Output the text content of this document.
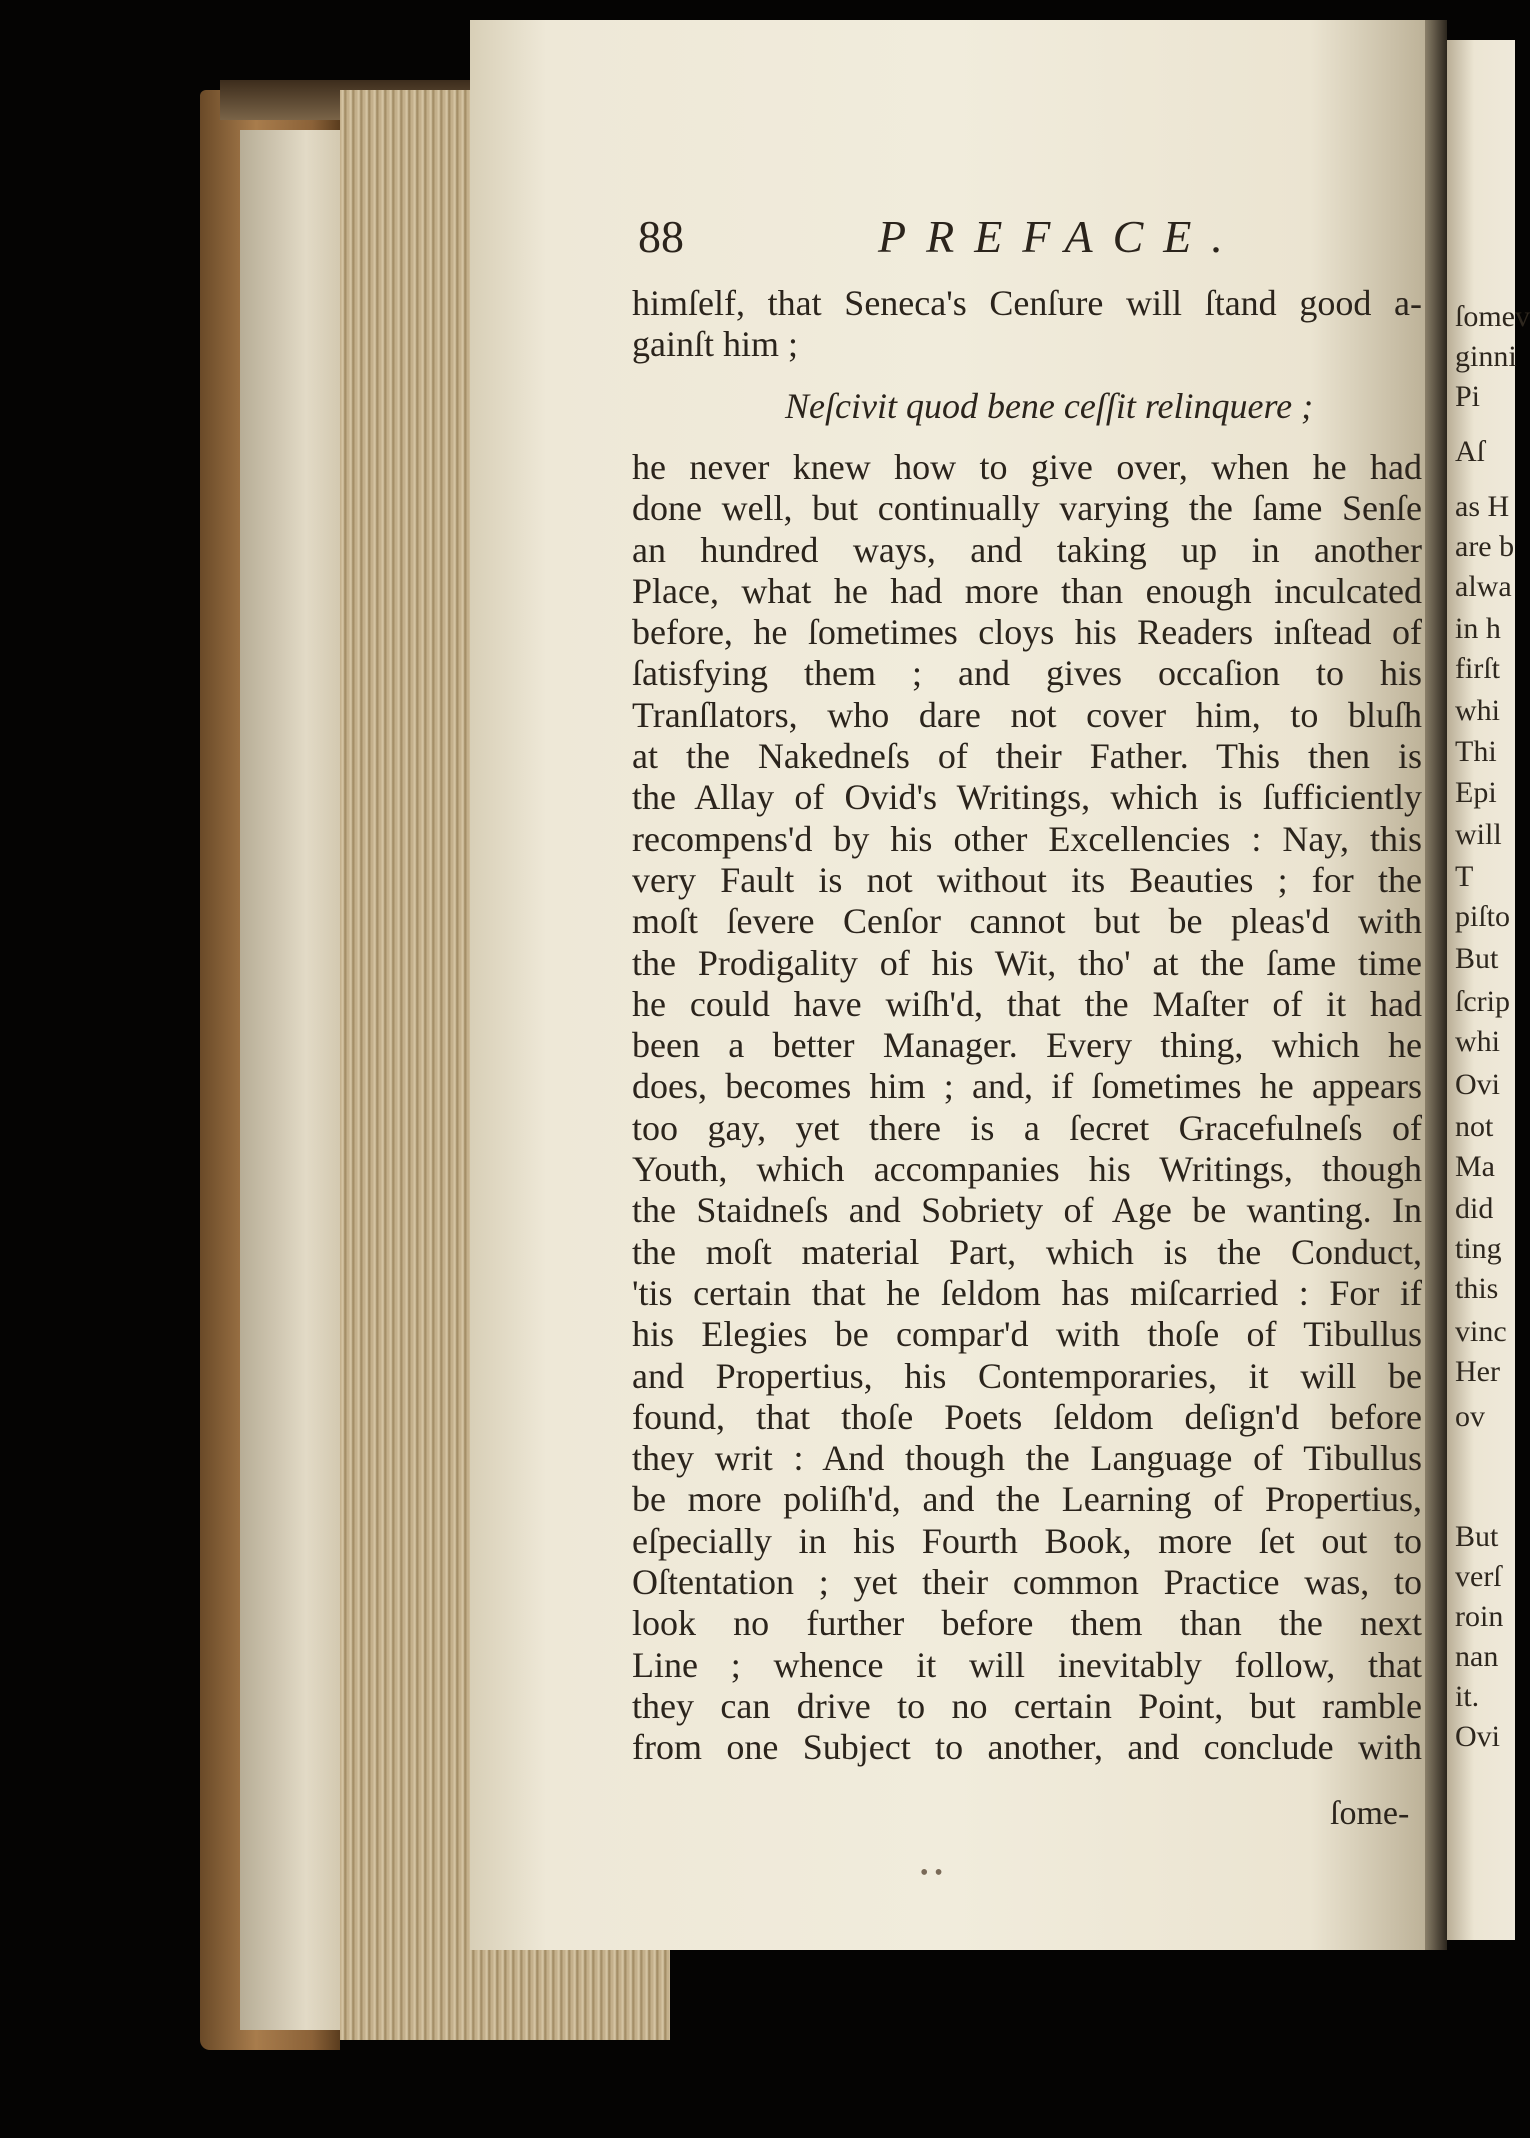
88	PREFACE.
himſelf, that Seneca's Cenſure will ſtand good a-
gainſt him ;
Neſcivit quod bene ceſſit relinquere ;
he never knew how to give over, when he had
done well, but continually varying the ſame Senſe
an hundred ways, and taking up in another
Place, what he had more than enough inculcated
before, he ſometimes cloys his Readers inſtead of
ſatisfying them ; and gives occaſion to his
Tranſlators, who dare not cover him, to bluſh
at the Nakedneſs of their Father. This then is
the Allay of Ovid's Writings, which is ſufficiently
recompens'd by his other Excellencies : Nay, this
very Fault is not without its Beauties ; for the
moſt ſevere Cenſor cannot but be pleas'd with
the Prodigality of his Wit, tho' at the ſame time
he could have wiſh'd, that the Maſter of it had
been a better Manager. Every thing, which he
does, becomes him ; and, if ſometimes he appears
too gay, yet there is a ſecret Gracefulneſs of
Youth, which accompanies his Writings, though
the Staidneſs and Sobriety of Age be wanting. In
the moſt material Part, which is the Conduct,
'tis certain that he ſeldom has miſcarried : For if
his Elegies be compar'd with thoſe of Tibullus
and Propertius, his Contemporaries, it will be
found, that thoſe Poets ſeldom deſign'd before
they writ : And though the Language of Tibullus
be more poliſh'd, and the Learning of Propertius,
eſpecially in his Fourth Book, more ſet out to
Oſtentation ; yet their common Practice was, to
look no further before them than the next
Line ; whence it will inevitably follow, that
they can drive to no certain Point, but ramble
from one Subject to another, and conclude with
ſome-
• •
ſomev
ginni
Pi
Aſ
as H
are b
alwa
in h
firſt
whi
Thi
Epi
will
T
piſto
But
ſcrip
whi
Ovi
not
Ma
did
ting
this
vinc
Her
ov
But
verſ
roin
nan
it.
Ovi
